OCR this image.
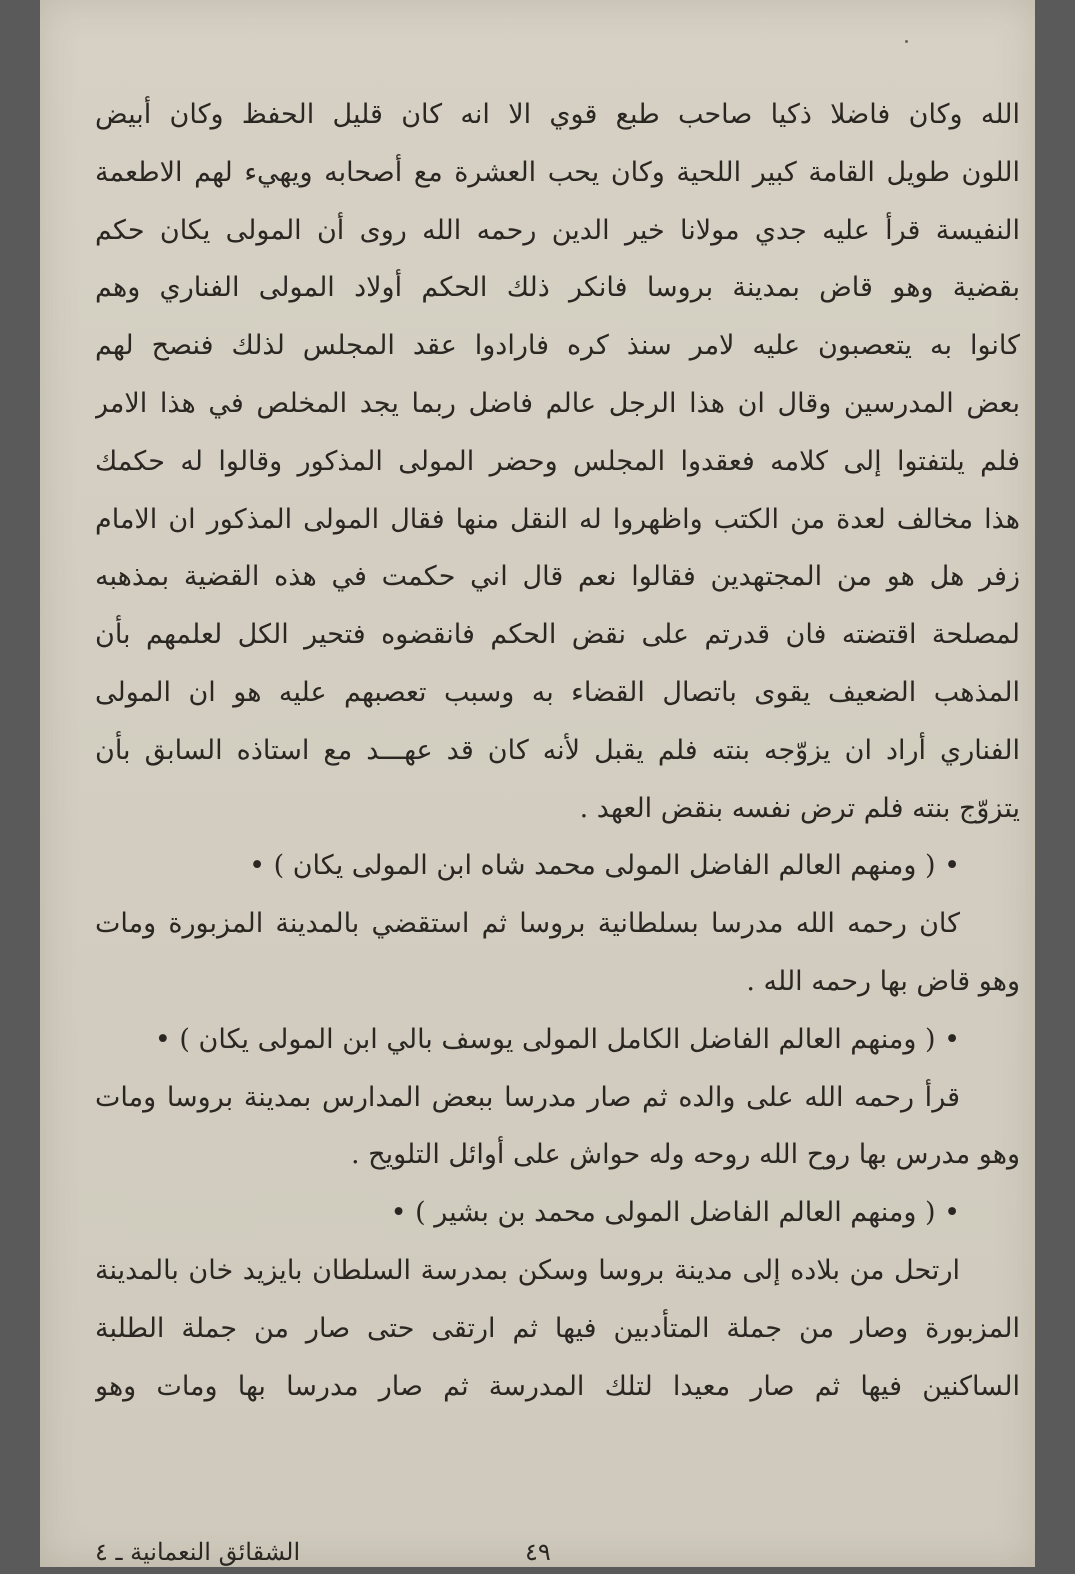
الله وكان فاضلا ذكيا صاحب طبع قوي الا انه كان قليل الحفظ وكان أبيض
اللون طويل القامة كبير اللحية وكان يحب العشرة مع أصحابه ويهيء لهم الاطعمة
النفيسة قرأ عليه جدي مولانا خير الدين رحمه الله روى أن المولى يكان حكم
بقضية وهو قاض بمدينة بروسا فانكر ذلك الحكم أولاد المولى الفناري وهم
كانوا به يتعصبون عليه لامر سنذ كره فارادوا عقد المجلس لذلك فنصح لهم
بعض المدرسين وقال ان هذا الرجل عالم فاضل ربما يجد المخلص في هذا الامر
فلم يلتفتوا إلى كلامه فعقدوا المجلس وحضر المولى المذكور وقالوا له حكمك
هذا مخالف لعدة من الكتب واظهروا له النقل منها فقال المولى المذكور ان الامام
زفر هل هو من المجتهدين فقالوا نعم قال اني حكمت في هذه القضية بمذهبه
لمصلحة اقتضته فان قدرتم على نقض الحكم فانقضوه فتحير الكل لعلمهم بأن
المذهب الضعيف يقوى باتصال القضاء به وسبب تعصبهم عليه هو ان المولى
الفناري أراد ان يزوّجه بنته فلم يقبل لأنه كان قد عهـــد مع استاذه السابق بأن
يتزوّج بنته فلم ترض نفسه بنقض العهد .
• ( ومنهم العالم الفاضل المولى محمد شاه ابن المولى يكان ) •
كان رحمه الله مدرسا بسلطانية بروسا ثم استقضي بالمدينة المزبورة ومات
وهو قاض بها رحمه الله .
• ( ومنهم العالم الفاضل الكامل المولى يوسف بالي ابن المولى يكان ) •
قرأ رحمه الله على والده ثم صار مدرسا ببعض المدارس بمدينة بروسا ومات
وهو مدرس بها روح الله روحه وله حواش على أوائل التلويح .
• ( ومنهم العالم الفاضل المولى محمد بن بشير ) •
ارتحل من بلاده إلى مدينة بروسا وسكن بمدرسة السلطان بايزيد خان بالمدينة
المزبورة وصار من جملة المتأدبين فيها ثم ارتقى حتى صار من جملة الطلبة
الساكنين فيها ثم صار معيدا لتلك المدرسة ثم صار مدرسا بها ومات وهو
٤٩
الشقائق النعمانية ـ ٤
